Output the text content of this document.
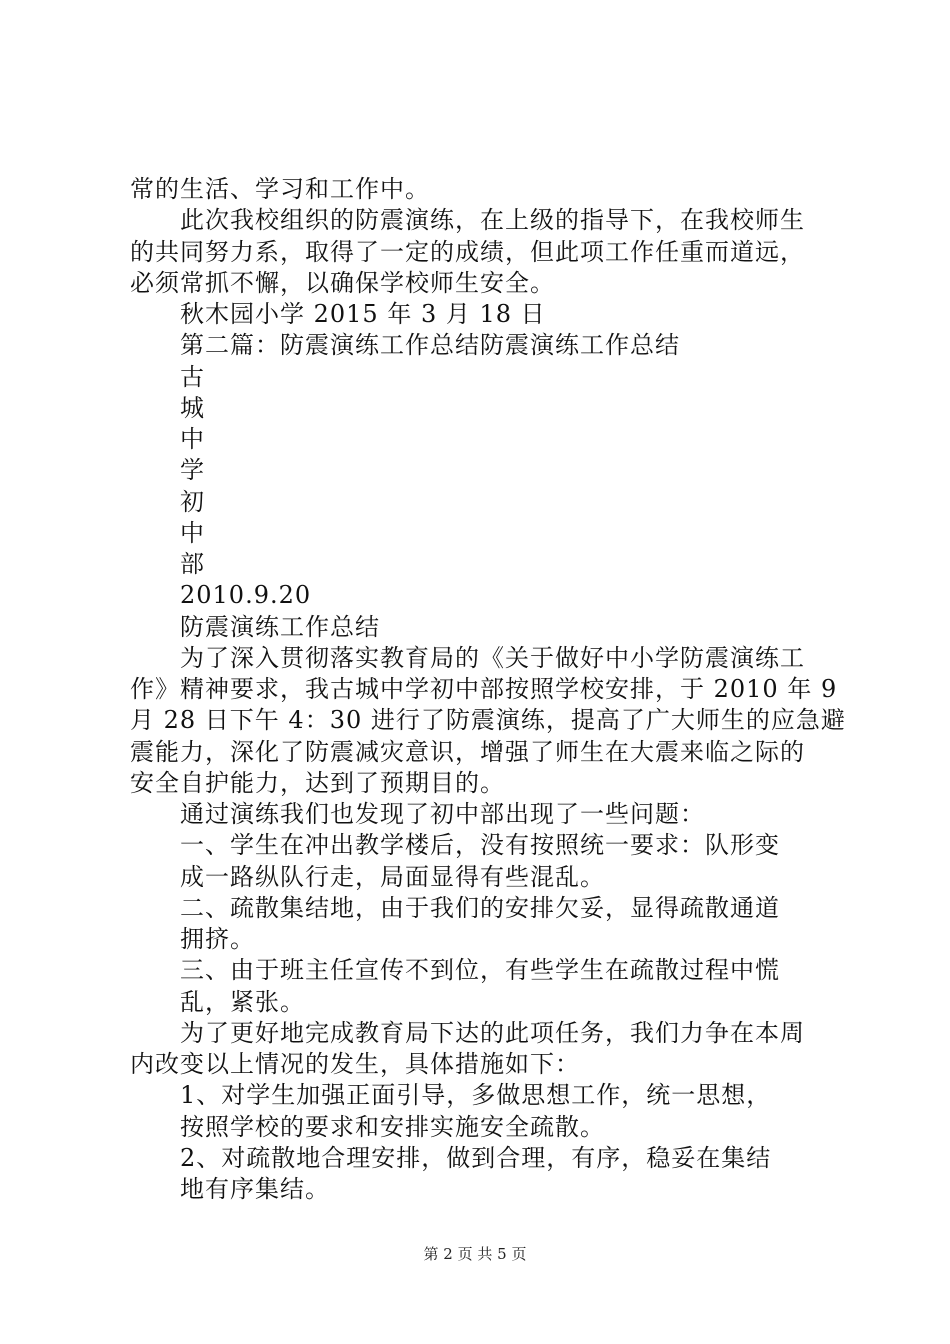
常的生活、学习和工作中。
此次我校组织的防震演练，在上级的指导下，在我校师生
的共同努力系，取得了一定的成绩，但此项工作任重而道远，
必须常抓不懈，以确保学校师生安全。
秋木园小学 2015 年 3 月 18 日
第二篇：防震演练工作总结防震演练工作总结
古
城
中
学
初
中
部
2010.9.20
防震演练工作总结
为了深入贯彻落实教育局的《关于做好中小学防震演练工
作》精神要求，我古城中学初中部按照学校安排，于 2010 年 9
月 28 日下午 4：30 进行了防震演练，提高了广大师生的应急避
震能力，深化了防震减灾意识，增强了师生在大震来临之际的
安全自护能力，达到了预期目的。
通过演练我们也发现了初中部出现了一些问题：
一、学生在冲出教学楼后，没有按照统一要求：队形变
成一路纵队行走，局面显得有些混乱。
二、疏散集结地，由于我们的安排欠妥，显得疏散通道
拥挤。
三、由于班主任宣传不到位，有些学生在疏散过程中慌
乱，紧张。
为了更好地完成教育局下达的此项任务，我们力争在本周
内改变以上情况的发生，具体措施如下：
1、对学生加强正面引导，多做思想工作，统一思想，
按照学校的要求和安排实施安全疏散。
2、对疏散地合理安排，做到合理，有序，稳妥在集结
地有序集结。
第 2 页 共 5 页
